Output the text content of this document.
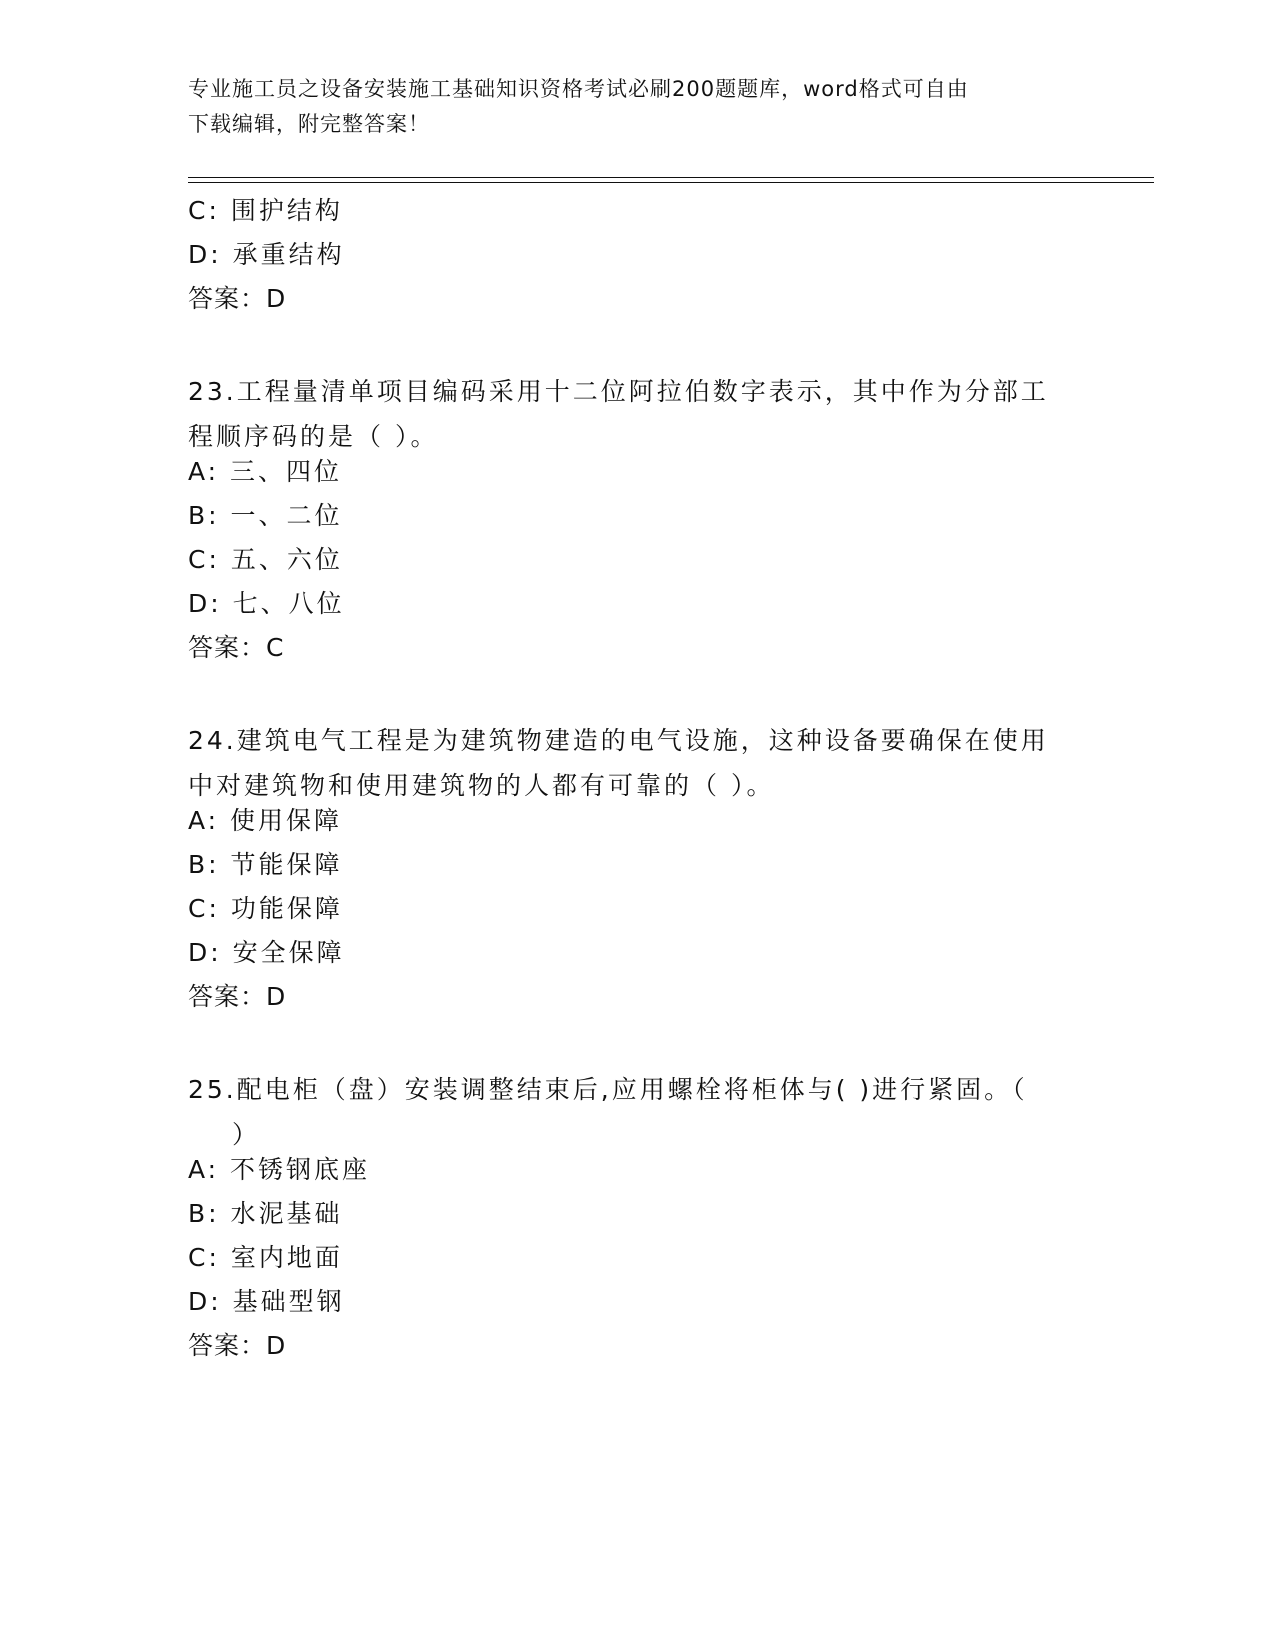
专业施工员之设备安装施工基础知识资格考试必刷200题题库，word格式可自由
下载编辑，附完整答案！
C: 围护结构
D: 承重结构
答案：D
23.工程量清单项目编码采用十二位阿拉伯数字表示，其中作为分部工
程顺序码的是（ ）。
A: 三、四位
B: 一、二位
C: 五、六位
D: 七、八位
答案：C
24.建筑电气工程是为建筑物建造的电气设施，这种设备要确保在使用
中对建筑物和使用建筑物的人都有可靠的（ ）。
A: 使用保障
B: 节能保障
C: 功能保障
D: 安全保障
答案：D
25.配电柜（盘）安装调整结束后,应用螺栓将柜体与( )进行紧固。（
）
A: 不锈钢底座
B: 水泥基础
C: 室内地面
D: 基础型钢
答案：D
